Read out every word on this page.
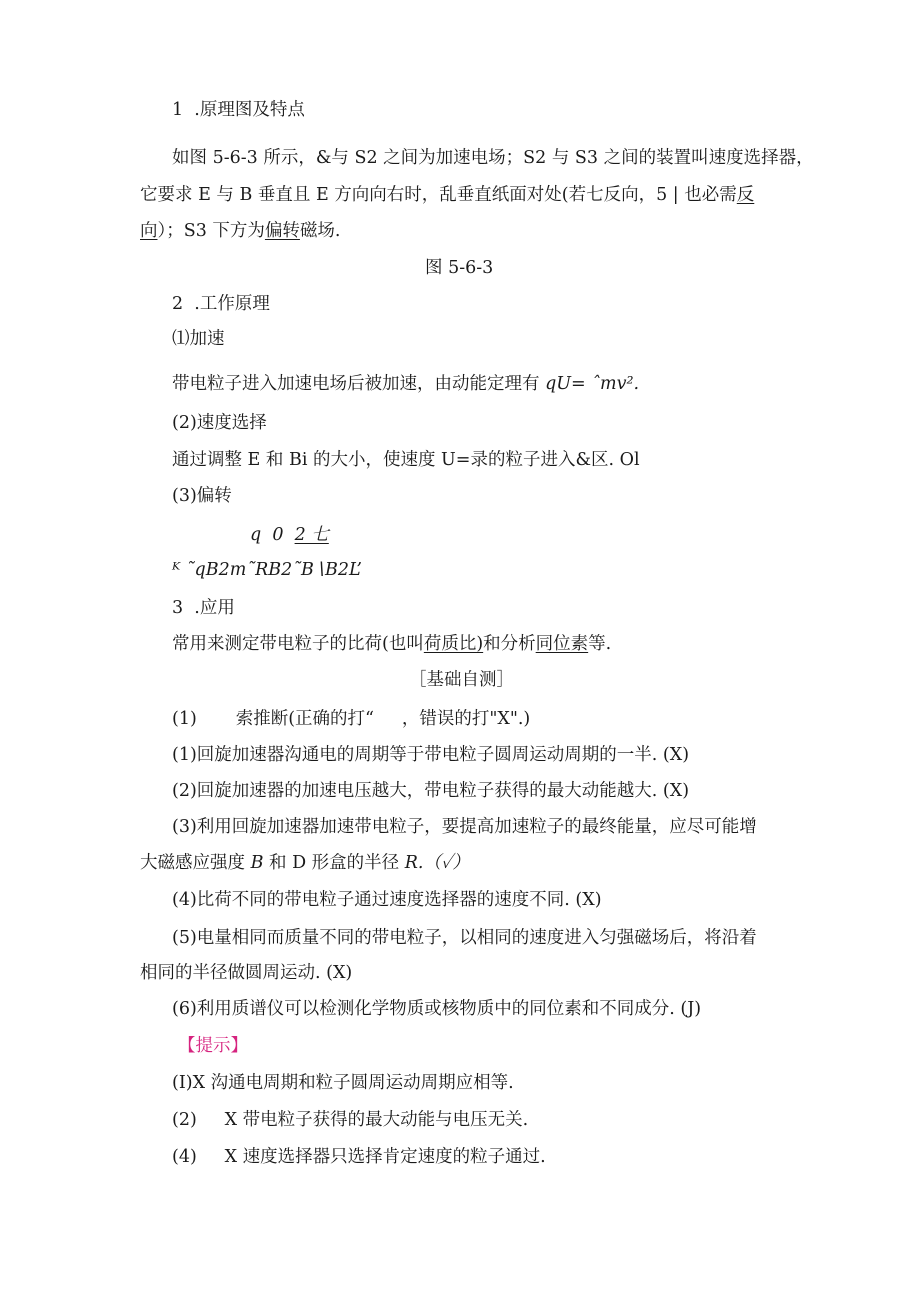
1  .原理图及特点
如图 5-6-3 所示，&与 S2 之间为加速电场；S2 与 S3 之间的装置叫速度选择器，
它要求 E 与 B 垂直且 E 方向向右时，乱垂直纸面对处(若七反向，5 | 也必需反
向）；S3 下方为偏转磁场.
图 5-6-3
2  .工作原理
⑴加速
带电粒子进入加速电场后被加速，由动能定理有 qU= ˆmv².
(2)速度选择
通过调整 E 和 Bi 的大小，使速度 U=录的粒子进入&区. Ol
(3)偏转
q  0  2 七
ᴷ ˜qB2m˜RB2˜B∖B2L’
3  .应用
常用来测定带电粒子的比荷(也叫荷质比)和分析同位素等.
［基础自测］
(1)       索推断(正确的打“     ，错误的打"X".)
(1)回旋加速器沟通电的周期等于带电粒子圆周运动周期的一半. (X)
(2)回旋加速器的加速电压越大，带电粒子获得的最大动能越大. (X)
(3)利用回旋加速器加速带电粒子，要提高加速粒子的最终能量，应尽可能增
大磁感应强度 B 和 D 形盒的半径 R.（✓）
(4)比荷不同的带电粒子通过速度选择器的速度不同. (X)
(5)电量相同而质量不同的带电粒子，以相同的速度进入匀强磁场后，将沿着
相同的半径做圆周运动. (X)
(6)利用质谱仪可以检测化学物质或核物质中的同位素和不同成分. (J)
【提示】
(I)X 沟通电周期和粒子圆周运动周期应相等.
(2)     X 带电粒子获得的最大动能与电压无关.
(4)     X 速度选择器只选择肯定速度的粒子通过.
